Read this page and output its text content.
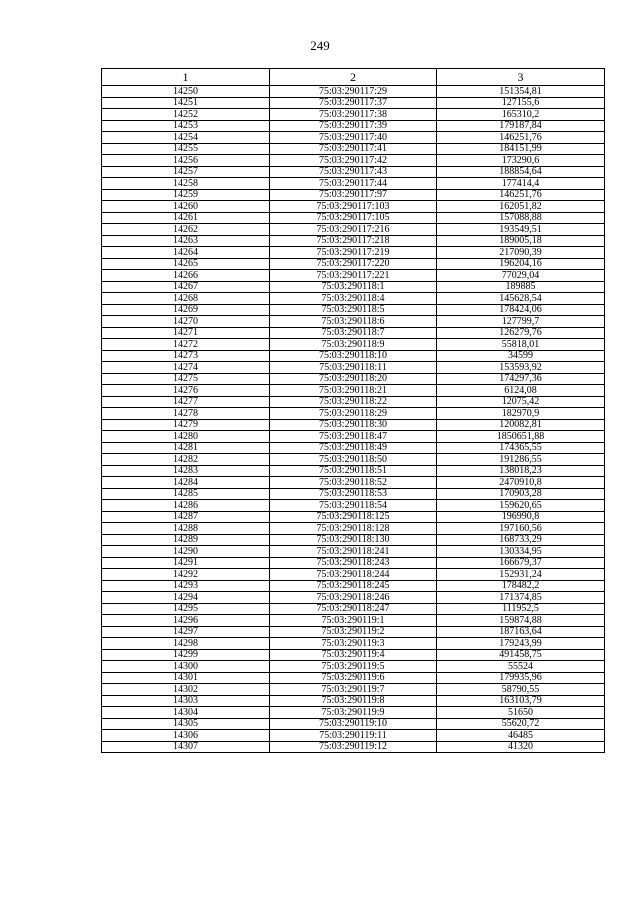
249
1	2	3
14250	75:03:290117:29	151354,81
14251	75:03:290117:37	127155,6
14252	75:03:290117:38	165310,2
14253	75:03:290117:39	179187,84
14254	75:03:290117:40	146251,76
14255	75:03:290117:41	184151,99
14256	75:03:290117:42	173290,6
14257	75:03:290117:43	188854,64
14258	75:03:290117:44	177414,4
14259	75:03:290117:97	146251,76
14260	75:03:290117:103	162051,82
14261	75:03:290117:105	157088,88
14262	75:03:290117:216	193549,51
14263	75:03:290117:218	189005,18
14264	75:03:290117:219	217090,39
14265	75:03:290117:220	196204,16
14266	75:03:290117:221	77029,04
14267	75:03:290118:1	189885
14268	75:03:290118:4	145628,54
14269	75:03:290118:5	178424,06
14270	75:03:290118:6	127799,7
14271	75:03:290118:7	126279,76
14272	75:03:290118:9	55818,01
14273	75:03:290118:10	34599
14274	75:03:290118:11	153593,92
14275	75:03:290118:20	174297,36
14276	75:03:290118:21	6124,08
14277	75:03:290118:22	12075,42
14278	75:03:290118:29	182970,9
14279	75:03:290118:30	120082,81
14280	75:03:290118:47	1850651,88
14281	75:03:290118:49	174365,55
14282	75:03:290118:50	191286,55
14283	75:03:290118:51	138018,23
14284	75:03:290118:52	2470910,8
14285	75:03:290118:53	170903,28
14286	75:03:290118:54	159620,65
14287	75:03:290118:125	196990,8
14288	75:03:290118:128	197160,56
14289	75:03:290118:130	168733,29
14290	75:03:290118:241	130334,95
14291	75:03:290118:243	166679,37
14292	75:03:290118:244	152931,24
14293	75:03:290118:245	178482,2
14294	75:03:290118:246	171374,85
14295	75:03:290118:247	111952,5
14296	75:03:290119:1	159874,88
14297	75:03:290119:2	187163,64
14298	75:03:290119:3	179243,99
14299	75:03:290119:4	491458,75
14300	75:03:290119:5	55524
14301	75:03:290119:6	179935,96
14302	75:03:290119:7	58790,55
14303	75:03:290119:8	163103,79
14304	75:03:290119:9	51650
14305	75:03:290119:10	55620,72
14306	75:03:290119:11	46485
14307	75:03:290119:12	41320
